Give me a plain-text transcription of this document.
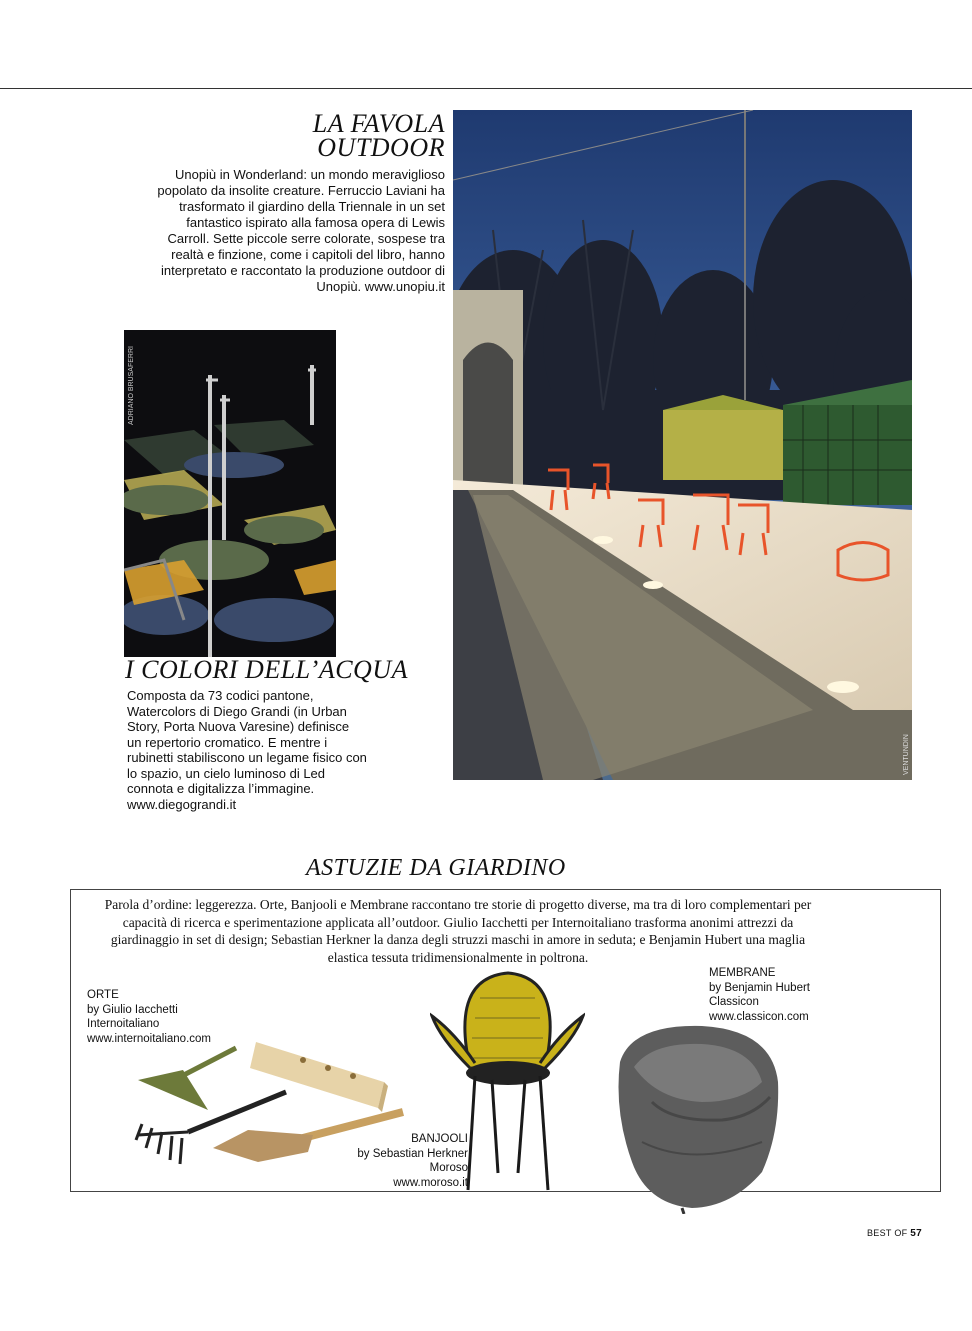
LA FAVOLA
OUTDOOR
Unopiù in Wonderland: un mondo meraviglioso popolato da insolite creature. Ferruccio Laviani ha trasformato il giardino della Triennale in un set fantastico ispirato alla famosa opera di Lewis Carroll. Sette piccole serre colorate, sospese tra realtà e finzione, come i capitoli del libro, hanno interpretato e raccontato la produzione outdoor di Unopiù. www.unopiu.it
VENTUNDIN
ADRIANO BRUSAFERRI
I COLORI DELL’ACQUA
Composta da 73 codici pantone, Watercolors di Diego Grandi (in Urban Story, Porta Nuova Varesine) definisce un repertorio cromatico. E mentre i rubinetti stabiliscono un legame fisico con lo spazio, un cielo luminoso di Led connota e digitalizza l’immagine. www.diegograndi.it
ASTUZIE DA GIARDINO
Parola d’ordine: leggerezza. Orte, Banjooli e Membrane raccontano tre storie di progetto diverse, ma tra di loro complementari per capacità di ricerca e sperimentazione applicata all’outdoor. Giulio Iacchetti per Internoitaliano trasforma anonimi attrezzi da giardinaggio in set di design; Sebastian Herkner la danza degli struzzi maschi in amore in seduta; e Benjamin Hubert una maglia elastica tessuta tridimensionalmente in poltrona.
ORTE
by Giulio Iacchetti
Internoitaliano
www.internoitaliano.com
BANJOOLI
by Sebastian Herkner
Moroso
www.moroso.it
MEMBRANE
by Benjamin Hubert
Classicon
www.classicon.com
BEST OF 57
